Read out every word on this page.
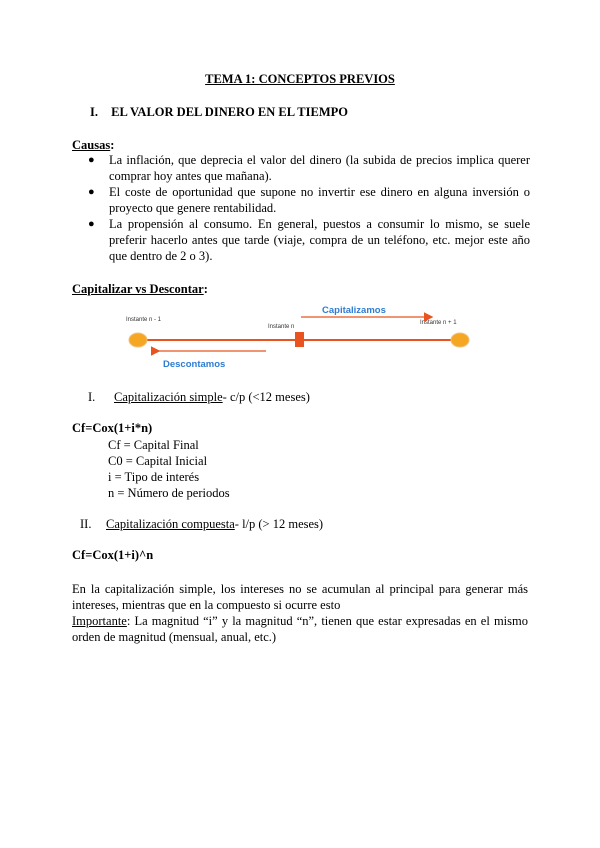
TEMA 1: CONCEPTOS PREVIOS
I. EL VALOR DEL DINERO EN EL TIEMPO
Causas:
● La inflación, que deprecia el valor del dinero (la subida de precios implica querer comprar hoy antes que mañana).
● El coste de oportunidad que supone no invertir ese dinero en alguna inversión o proyecto que genere rentabilidad.
● La propensión al consumo. En general, puestos a consumir lo mismo, se suele preferir hacerlo antes que tarde (viaje, compra de un teléfono, etc. mejor este año que dentro de 2 o 3).
Capitalizar vs Descontar:
Instante n - 1
Instante n
Instante n + 1
Capitalizamos
Descontamos
I. Capitalización simple- c/p (<12 meses)
Cf=Cox(1+i*n)
Cf = Capital Final
C0 = Capital Inicial
i = Tipo de interés
n = Número de periodos
II. Capitalización compuesta- l/p (> 12 meses)
Cf=Cox(1+i)^n
En la capitalización simple, los intereses no se acumulan al principal para generar más intereses, mientras que en la compuesto si ocurre esto
Importante: La magnitud “i” y la magnitud “n”, tienen que estar expresadas en el mismo orden de magnitud (mensual, anual, etc.)
